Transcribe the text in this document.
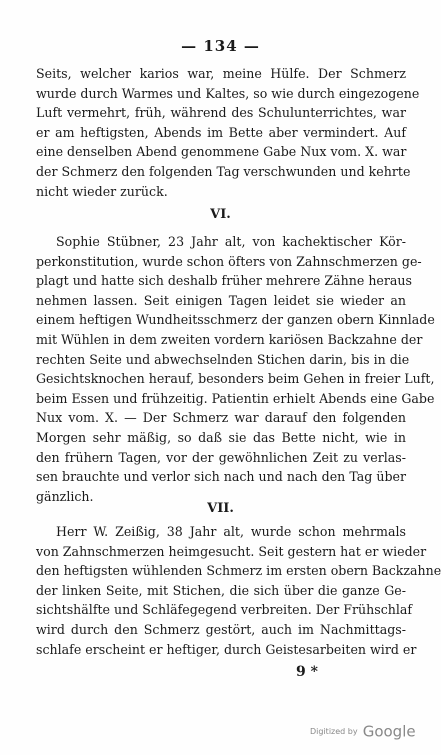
— 134 —
Seits, welcher karios war, meine Hülfe. Der Schmerz
wurde durch Warmes und Kaltes, so wie durch eingezogene
Luft vermehrt, früh, während des Schulunterrichtes, war
er am heftigsten, Abends im Bette aber vermindert. Auf
eine denselben Abend genommene Gabe Nux vom. X. war
der Schmerz den folgenden Tag verschwunden und kehrte
nicht wieder zurück.
VI.
Sophie Stübner, 23 Jahr alt, von kachektischer Kör-
perkonstitution, wurde schon öfters von Zahnschmerzen ge-
plagt und hatte sich deshalb früher mehrere Zähne heraus
nehmen lassen. Seit einigen Tagen leidet sie wieder an
einem heftigen Wundheitsschmerz der ganzen obern Kinnlade
mit Wühlen in dem zweiten vordern kariösen Backzahne der
rechten Seite und abwechselnden Stichen darin, bis in die
Gesichtsknochen herauf, besonders beim Gehen in freier Luft,
beim Essen und frühzeitig. Patientin erhielt Abends eine Gabe
Nux vom. X. — Der Schmerz war darauf den folgenden
Morgen sehr mäßig, so daß sie das Bette nicht, wie in
den frühern Tagen, vor der gewöhnlichen Zeit zu verlas-
sen brauchte und verlor sich nach und nach den Tag über
gänzlich.
VII.
Herr W. Zeißig, 38 Jahr alt, wurde schon mehrmals
von Zahnschmerzen heimgesucht. Seit gestern hat er wieder
den heftigsten wühlenden Schmerz im ersten obern Backzahne
der linken Seite, mit Stichen, die sich über die ganze Ge-
sichtshälfte und Schläfegegend verbreiten. Der Frühschlaf
wird durch den Schmerz gestört, auch im Nachmittags-
schlafe erscheint er heftiger, durch Geistesarbeiten wird er
9 *
Digitized by Google
